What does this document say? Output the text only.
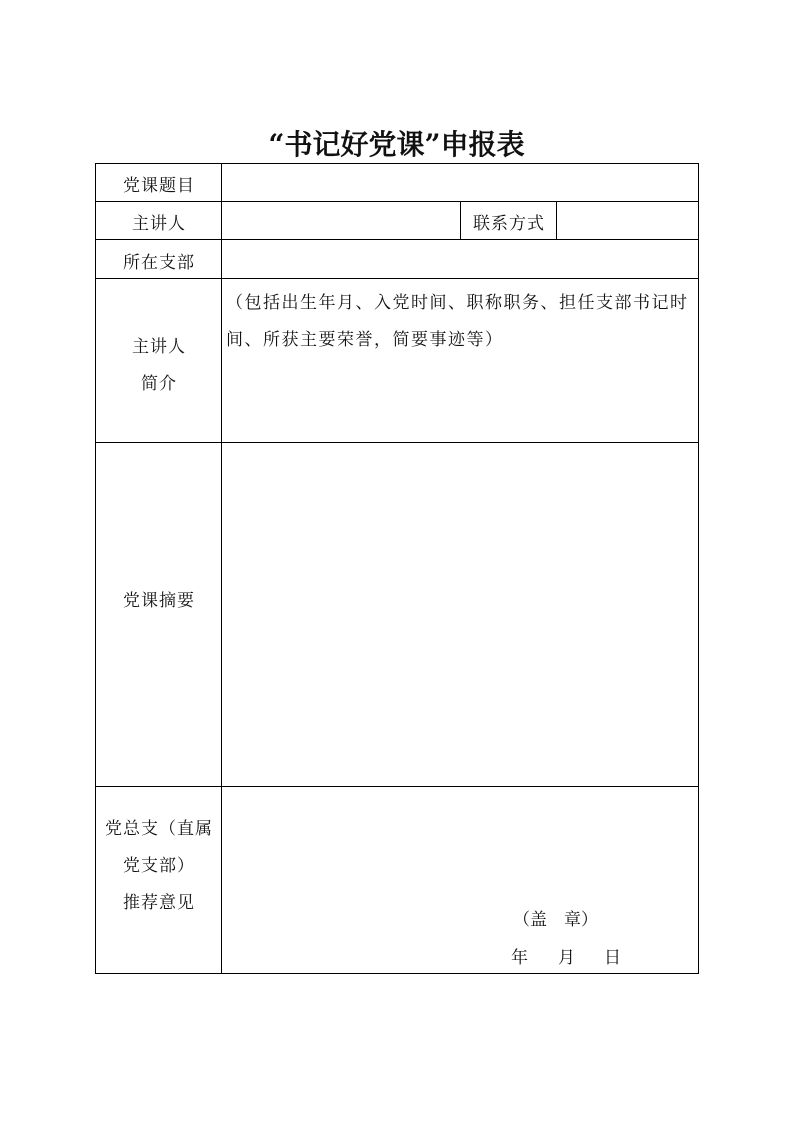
“书记好党课”申报表
党课题目
主讲人	联系方式
所在支部
主讲人
简介
（包括出生年月、入党时间、职称职务、担任支部书记时
间、所获主要荣誉，简要事迹等）
党课摘要
党总支（直属
党支部）
推荐意见
（盖　章）
年 月 日
